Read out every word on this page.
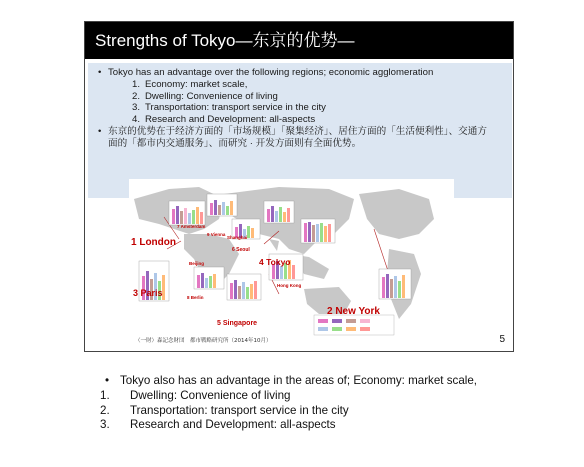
Strengths of Tokyo—东京的优势—
• Tokyo has an advantage over the following regions; economic agglomeration
1. Economy: market scale,
2. Dwelling: Convenience of living
3. Transportation: transport service in the city
4. Research and Development: all-aspects
• 东京的优势在于经济方面的「市场规模」「聚集经济」、居住方面的「生活便利性」、交通方
面的「都市内交通服务」、而研究 · 开发方面则有全面优势。
1 London
2 New York
3 Paris
4 Tokyo
5 Singapore
6 Seoul
7 Amsterdam
8 Berlin
9 Vienna
Shanghai
Beijing
Hong Kong
（一財）森記念財団　都市戦略研究所（2014年10月）	5
• Tokyo also has an advantage in the areas of; Economy: market scale,
1. Dwelling: Convenience of living
2. Transportation: transport service in the city
3. Research and Development: all-aspects
